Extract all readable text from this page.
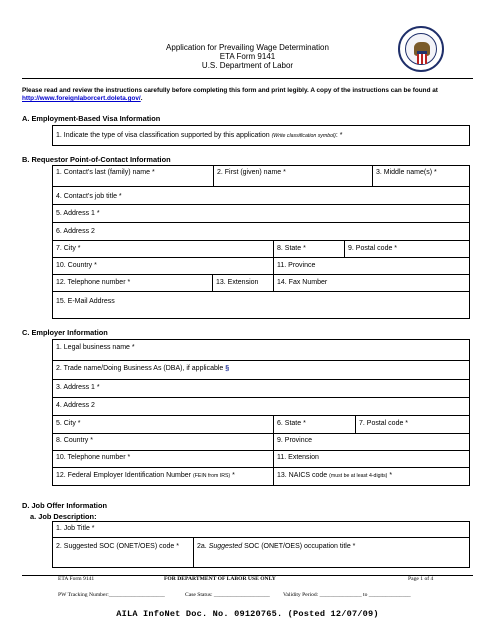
Application for Prevailing Wage Determination
ETA Form 9141
U.S. Department of Labor
Please read and review the instructions carefully before completing this form and print legibly. A copy of the instructions can be found at http://www.foreignlaborcert.doleta.gov/.
A. Employment-Based Visa Information
1. Indicate the type of visa classification supported by this application (Write classification symbol): *
B. Requestor Point-of-Contact Information
1. Contact’s last (family) name *	2. First (given) name *	3. Middle name(s) *
4. Contact’s job title *
5. Address 1 *
6. Address 2
7. City *	8. State *	9. Postal code *
10. Country *	11. Province
12. Telephone number *	13. Extension	14. Fax Number
15. E-Mail Address
C. Employer Information
1. Legal business name *
2. Trade name/Doing Business As (DBA), if applicable §
3. Address 1 *
4. Address 2
5. City *	6. State *	7. Postal code *
8. Country *	9. Province
10. Telephone number *	11. Extension
12. Federal Employer Identification Number (FEIN from IRS) *	13. NAICS code (must be at least 4-digits) *
D. Job Offer Information
a. Job Description:
1. Job Title *
2. Suggested SOC (ONET/OES) code *	2a. Suggested SOC (ONET/OES) occupation title *
ETA Form 9141	FOR DEPARTMENT OF LABOR USE ONLY	Page 1 of 4
PW Tracking Number:____________________	Case Status: ____________________ Validity Period: _______________ to _______________
AILA InfoNet Doc. No. 09120765. (Posted 12/07/09)
